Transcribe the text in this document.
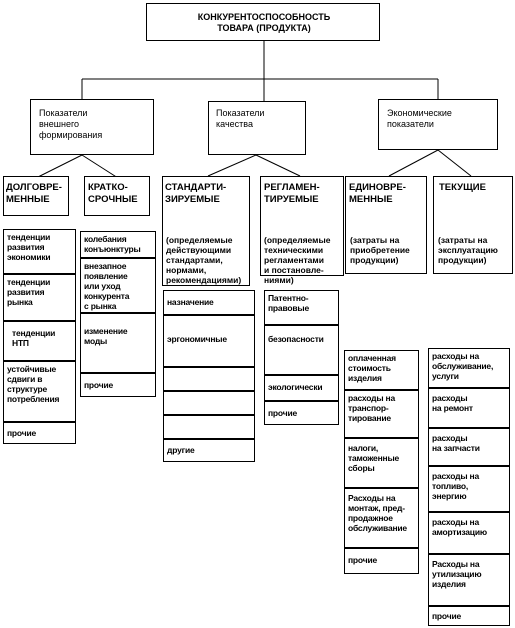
КОНКУРЕНТОСПОСОБНОСТЬ
ТОВАРА (ПРОДУКТА)
Показатели
внешнего
формирования
Показатели
качества
Экономические
показатели
ДОЛГОВРЕ-
МЕННЫЕ
КРАТКО-
СРОЧНЫЕ
СТАНДАРТИ-
ЗИРУЕМЫЕ
(определяемые
действующими
стандартами,
нормами,
рекомендациями)
РЕГЛАМЕН-
ТИРУЕМЫЕ
(определяемые
техническими
регламентами
и постановле-
ниями)
ЕДИНОВРЕ-
МЕННЫЕ
(затраты на
приобретение
продукции)
ТЕКУЩИЕ
(затраты на
эксплуатацию
продукции)
тенденции
развития
экономики
тенденции
развития
рынка
тенденции
НТП
устойчивые
сдвиги в
структуре
потребления
прочие
колебания
конъюнктуры
внезапное
появление
или уход
конкурента
с рынка
изменение
моды
прочие
назначение
эргономичные
другие
Патентно-
правовые
безопасности
экологически
прочие
оплаченная
стоимость
изделия
расходы на
транспор-
тирование
налоги,
таможенные
сборы
Расходы на
монтаж, пред-
продажное
обслуживание
прочие
расходы на
обслуживание,
услуги
расходы
на ремонт
расходы
на запчасти
расходы на
топливо,
энергию
расходы на
амортизацию
Расходы на
утилизацию
изделия
прочие
